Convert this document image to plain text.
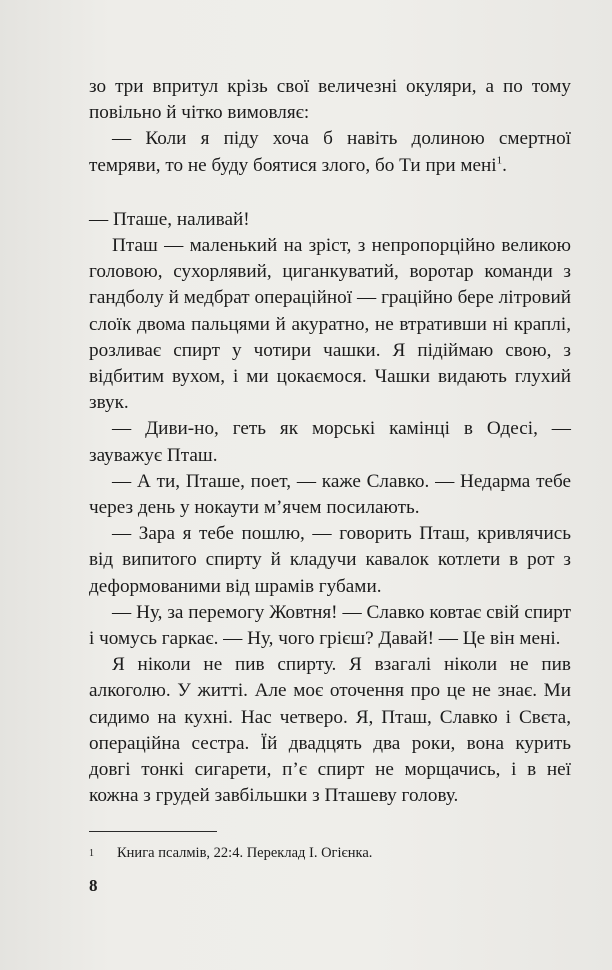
зо три впритул крізь свої величезні окуляри, а по тому повільно й чітко вимовляє:

— Коли я піду хоча б навіть долиною смертної темряви, то не буду боятися злого, бо Ти при мені$^1$.

— Пташе, наливай!

Пташ — маленький на зріст, з непропорційно великою головою, сухорлявий, циганкуватий, воротар команди з гандболу й медбрат операційної — граційно бере літровий слоїк двома пальцями й акуратно, не втративши ні краплі, розливає спирт у чотири чашки. Я підіймаю свою, з відбитим вухом, і ми цокаємося. Чашки видають глухий звук.

— Диви-но, геть як морські камінці в Одесі, — зауважує Пташ.

— А ти, Пташе, поет, — каже Славко. — Недарма тебе через день у нокаути м’ячем посилають.

— Зара я тебе пошлю, — говорить Пташ, кривлячись від випитого спирту й кладучи кавалок котлети в рот з деформованими від шрамів губами.

— Ну, за перемогу Жовтня! — Славко ковтає свій спирт і чомусь гаркає. — Ну, чого грієш? Давай! — Це він мені.

Я ніколи не пив спирту. Я взагалі ніколи не пив алкоголю. У житті. Але моє оточення про це не знає. Ми сидимо на кухні. Нас четверо. Я, Пташ, Славко і Свєта, операційна сестра. Їй двадцять два роки, вона курить довгі тонкі сигарети, п’є спирт не морщачись, і в неї кожна з грудей завбільшки з Пташеву голову.

1 Книга псалмів, 22:4. Переклад І. Огієнка.
8
